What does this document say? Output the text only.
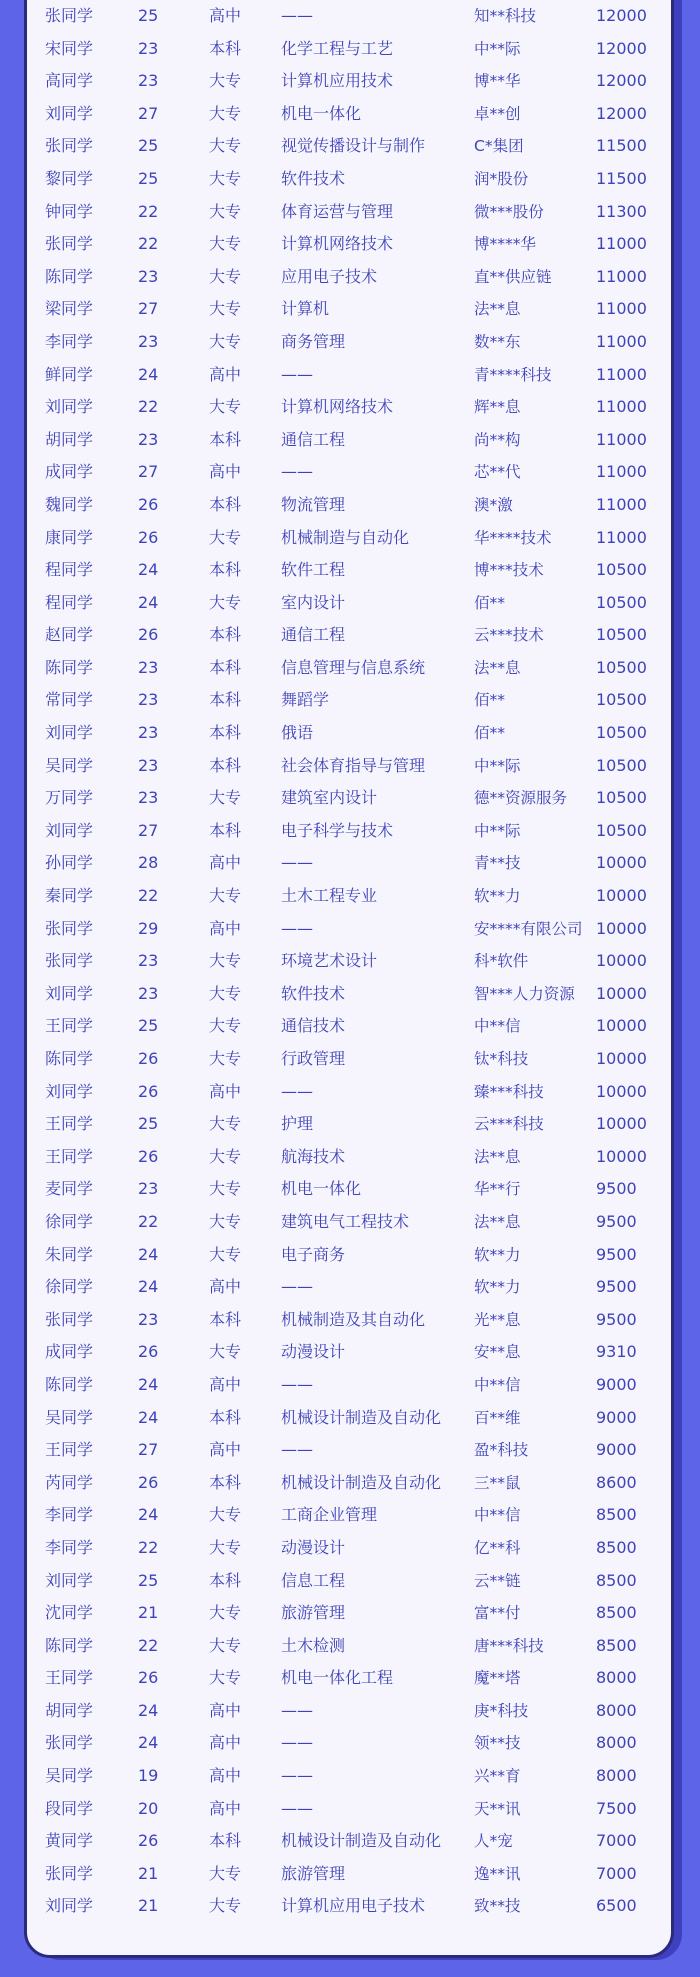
张同学	25	高中 ——	知**科技	12000
宋同学	23	本科 化学工程与工艺	中**际	12000
高同学	23	大专 计算机应用技术	博**华	12000
刘同学	27	大专 机电一体化	卓**创	12000
张同学	25	大专 视觉传播设计与制作	C*集团	11500
黎同学	25	大专 软件技术	润*股份	11500
钟同学	22	大专 体育运营与管理	微***股份	11300
张同学	22	大专 计算机网络技术	博****华	11000
陈同学	23	大专 应用电子技术	直**供应链	11000
梁同学	27	大专 计算机	法**息	11000
李同学	23	大专 商务管理	数**东	11000
鲜同学	24	高中 ——	青****科技	11000
刘同学	22	大专 计算机网络技术	辉**息	11000
胡同学	23	本科 通信工程	尚**构	11000
成同学	27	高中 ——	芯**代	11000
魏同学	26	本科 物流管理	澳*激	11000
康同学	26	大专 机械制造与自动化	华****技术	11000
程同学	24	本科 软件工程	博***技术	10500
程同学	24	大专 室内设计	佰**	10500
赵同学	26	本科 通信工程	云***技术	10500
陈同学	23	本科 信息管理与信息系统	法**息	10500
常同学	23	本科 舞蹈学	佰**	10500
刘同学	23	本科 俄语	佰**	10500
吴同学	23	本科 社会体育指导与管理	中**际	10500
万同学	23	大专 建筑室内设计	德**资源服务 10500
刘同学	27	本科 电子科学与技术	中**际	10500
孙同学	28	高中 ——	青**技	10000
秦同学	22	大专 土木工程专业	软**力	10000
张同学	29	高中 ——	安****有限公司 10000
张同学	23	大专 环境艺术设计	科*软件	10000
刘同学	23	大专 软件技术	智***人力资源 10000
王同学	25	大专 通信技术	中**信	10000
陈同学	26	大专 行政管理	钛*科技	10000
刘同学	26	高中 ——	臻***科技	10000
王同学	25	大专 护理	云***科技	10000
王同学	26	大专 航海技术	法**息	10000
麦同学	23	大专 机电一体化	华**行	9500
徐同学	22	大专 建筑电气工程技术	法**息	9500
朱同学	24	大专 电子商务	软**力	9500
徐同学	24	高中 ——	软**力	9500
张同学	23	本科 机械制造及其自动化	光**息	9500
成同学	26	大专 动漫设计	安**息	9310
陈同学	24	高中 ——	中**信	9000
吴同学	24	本科 机械设计制造及自动化 百**维	9000
王同学	27	高中 ——	盈*科技	9000
芮同学	26	本科 机械设计制造及自动化 三**鼠	8600
李同学	24	大专 工商企业管理	中**信	8500
李同学	22	大专 动漫设计	亿**科	8500
刘同学	25	本科 信息工程	云**链	8500
沈同学	21	大专 旅游管理	富**付	8500
陈同学	22	大专 土木检测	唐***科技	8500
王同学	26	大专 机电一体化工程	魔**塔	8000
胡同学	24	高中 ——	庚*科技	8000
张同学	24	高中 ——	领**技	8000
吴同学	19	高中 ——	兴**育	8000
段同学	20	高中 ——	天**讯	7500
黄同学	26	本科 机械设计制造及自动化 人*宠	7000
张同学	21	大专 旅游管理	逸**讯	7000
刘同学	21	大专 计算机应用电子技术	致**技	6500
